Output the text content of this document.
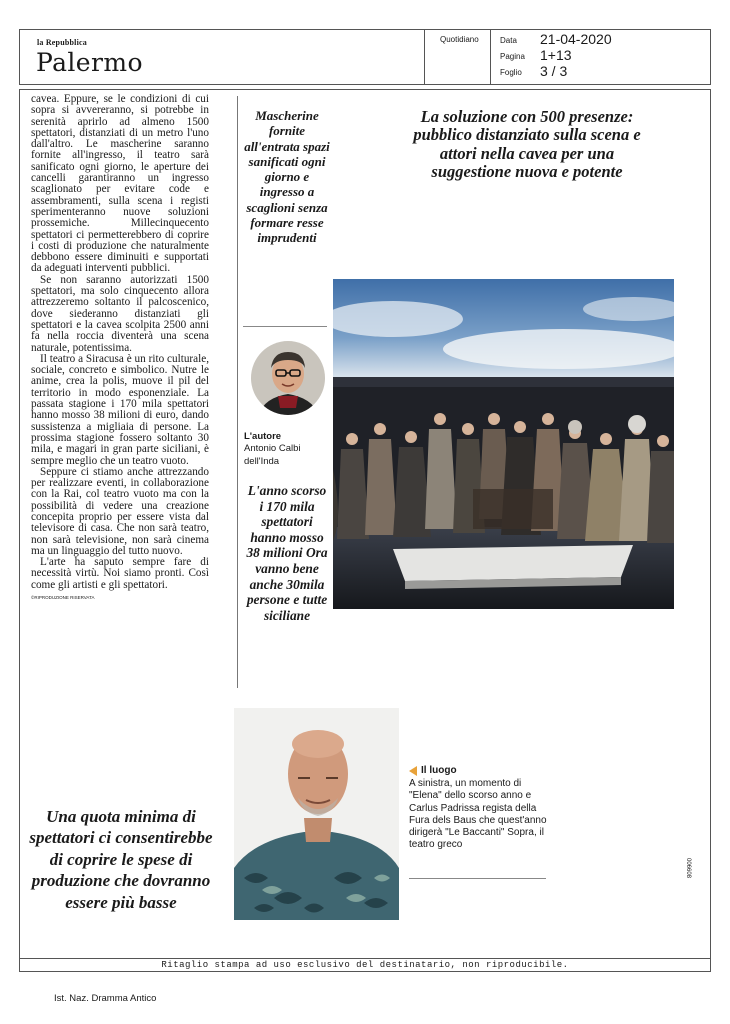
la Repubblica
Palermo
Quotidiano	Data 21-04-2020
Pagina 1+13
Foglio 3 / 3

cavea. Eppure, se le condizioni di cui sopra si avvereranno, si potrebbe in serenità aprirlo ad almeno 1500 spettatori, distanziati di un metro l'uno dall'altro. Le mascherine saranno fornite all'ingresso, il teatro sarà sanificato ogni giorno, le aperture dei cancelli garantiranno un ingresso scaglionato per evitare code e assembramenti, sulla scena i registi sperimenteranno nuove soluzioni prossemiche. Millecinquecento spettatori ci permetterebbero di coprire i costi di produzione che naturalmente debbono essere diminuiti e supportati da adeguati interventi pubblici.

Se non saranno autorizzati 1500 spettatori, ma solo cinquecento allora attrezzeremo soltanto il palcoscenico, dove siederanno distanziati gli spettatori e la cavea scolpita 2500 anni fa nella roccia diventerà una scena naturale, potentissima.

Il teatro a Siracusa è un rito culturale, sociale, concreto e simbolico. Nutre le anime, crea la polis, muove il pil del territorio in modo esponenziale. La passata stagione i 170 mila spettatori hanno mosso 38 milioni di euro, dando sussistenza a migliaia di persone. La prossima stagione fossero soltanto 30 mila, e magari in gran parte siciliani, è sempre meglio che un teatro vuoto.

Seppure ci stiamo anche attrezzando per realizzare eventi, in collaborazione con la Rai, col teatro vuoto ma con la possibilità di vedere una creazione concepita proprio per essere vista dal televisore di casa. Che non sarà teatro, non sarà televisione, non sarà cinema ma un linguaggio del tutto nuovo.

L'arte ha saputo sempre fare di necessità virtù. Noi siamo pronti. Così come gli artisti e gli spettatori.

©RIPRODUZIONE RISERVATA
Mascherine fornite all'entrata spazi sanificati ogni giorno e ingresso a scaglioni senza formare resse imprudenti
La soluzione con 500 presenze: pubblico distanziato sulla scena e attori nella cavea per una suggestione nuova e potente
L'autore
Antonio Calbi dell'Inda
L'anno scorso i 170 mila spettatori hanno mosso 38 milioni Ora vanno bene anche 30mila persone e tutte siciliane
Il luogo
A sinistra, un momento di "Elena" dello scorso anno e Carlus Padrissa regista della Fura dels Baus che quest'anno dirigerà "Le Baccanti" Sopra, il teatro greco
Una quota minima di spettatori ci consentirebbe di coprire le spese di produzione che dovranno essere più basse
006608
Ritaglio stampa ad uso esclusivo del destinatario, non riproducibile.
Ist. Naz. Dramma Antico
